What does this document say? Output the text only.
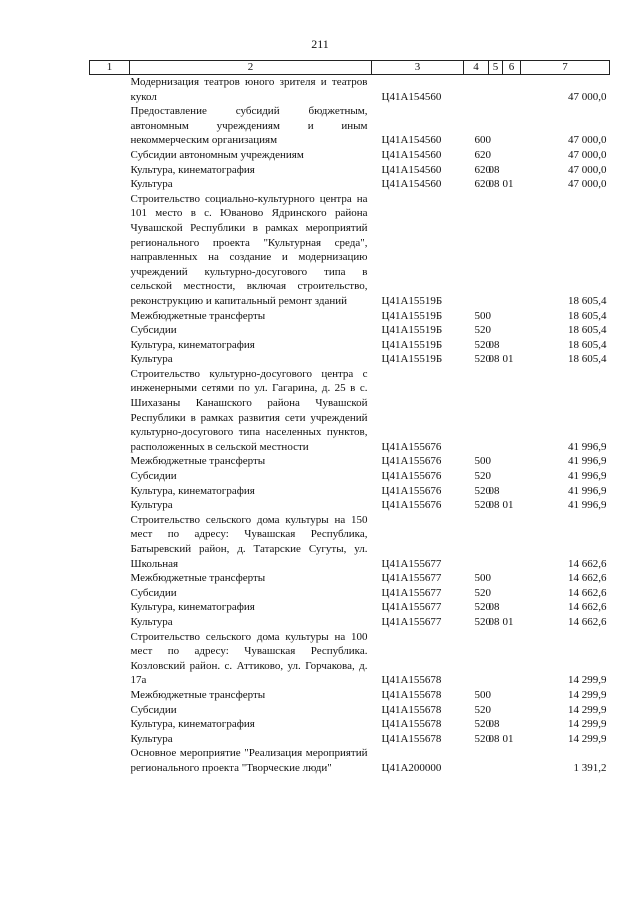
211
1	2	3	4	5	6	7
	Модернизация театров юного зрителя и театров кукол	Ц41А154560				47 000,0
	Предоставление субсидий бюджетным, автономным учреждениям и иным некоммерческим организациям	Ц41А154560	600			47 000,0
	Субсидии автономным учреждениям	Ц41А154560	620			47 000,0
	Культура, кинематография	Ц41А154560	620	08		47 000,0
	Культура	Ц41А154560	620	08	01	47 000,0
	Строительство социально-культурного центра на 101 место в с. Юваново Ядринского района Чувашской Республики в рамках мероприятий регионального проекта "Культурная среда", направленных на создание и модернизацию учреждений культурно-досугового типа в сельской местности, включая строительство, реконструкцию и капитальный ремонт зданий	Ц41А15519Б				18 605,4
	Межбюджетные трансферты	Ц41А15519Б	500			18 605,4
	Субсидии	Ц41А15519Б	520			18 605,4
	Культура, кинематография	Ц41А15519Б	520	08		18 605,4
	Культура	Ц41А15519Б	520	08	01	18 605,4
	Строительство культурно-досугового центра с инженерными сетями по ул. Гагарина, д. 25 в с. Шихазаны Канашского района Чувашской Республики в рамках развития сети учреждений культурно-досугового типа населенных пунктов, расположенных в сельской местности	Ц41А155676				41 996,9
	Межбюджетные трансферты	Ц41А155676	500			41 996,9
	Субсидии	Ц41А155676	520			41 996,9
	Культура, кинематография	Ц41А155676	520	08		41 996,9
	Культура	Ц41А155676	520	08	01	41 996,9
	Строительство сельского дома культуры на 150 мест по адресу: Чувашская Республика, Батыревский район, д. Татарские Сугуты, ул. Школьная	Ц41А155677				14 662,6
	Межбюджетные трансферты	Ц41А155677	500			14 662,6
	Субсидии	Ц41А155677	520			14 662,6
	Культура, кинематография	Ц41А155677	520	08		14 662,6
	Культура	Ц41А155677	520	08	01	14 662,6
	Строительство сельского дома культуры на 100 мест по адресу: Чувашская Республика. Козловский район. с. Аттиково, ул. Горчакова, д. 17а	Ц41А155678				14 299,9
	Межбюджетные трансферты	Ц41А155678	500			14 299,9
	Субсидии	Ц41А155678	520			14 299,9
	Культура, кинематография	Ц41А155678	520	08		14 299,9
	Культура	Ц41А155678	520	08	01	14 299,9
	Основное мероприятие "Реализация мероприятий регионального проекта "Творческие люди"	Ц41А200000				1 391,2
